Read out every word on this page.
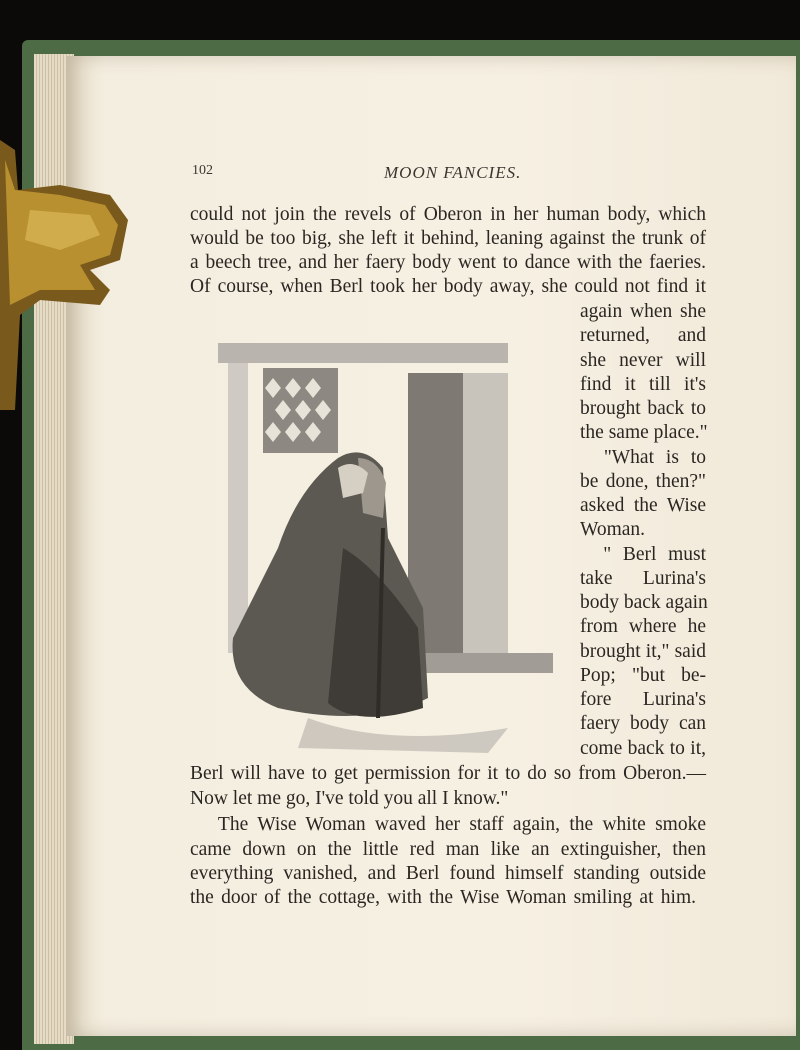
102	MOON FANCIES.
could not join the revels of Oberon in her human body, which
would be too big, she left it behind, leaning against the trunk of
a beech tree, and her faery body went to dance with the faeries.
Of course, when Berl took her body away, she could not find it
again when she
returned, and
she never will
find it till it's
brought back to
the same place."
"What is to
be done, then?"
asked the Wise
Woman.
" Berl must
take Lurina's
body back again
from where he
brought it," said
Pop; "but be-
fore Lurina's
faery body can
come back to it,
Berl will have to get permission for it to do so from Oberon.—
Now let me go, I've told you all I know."
The Wise Woman waved her staff again, the white smoke
came down on the little red man like an extinguisher, then
everything vanished, and Berl found himself standing outside
the door of the cottage, with the Wise Woman smiling at him.
